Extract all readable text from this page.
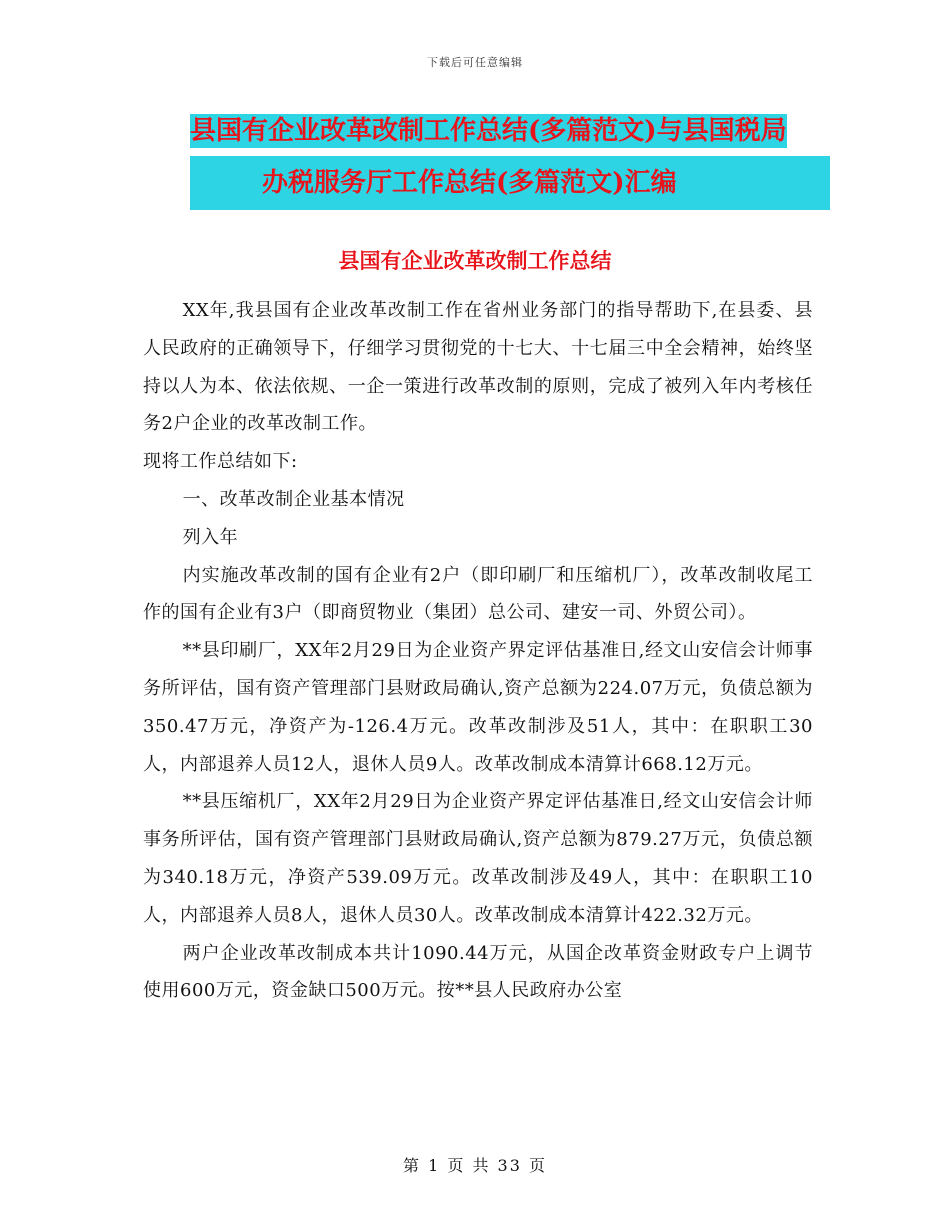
下载后可任意编辑
县国有企业改革改制工作总结(多篇范文)与县国税局
办税服务厅工作总结(多篇范文)汇编
县国有企业改革改制工作总结

XX年,我县国有企业改革改制工作在省州业务部门的指导帮助下,在县委、县人民政府的正确领导下，仔细学习贯彻党的十七大、十七届三中全会精神，始终坚持以人为本、依法依规、一企一策进行改革改制的原则，完成了被列入年内考核任务2户企业的改革改制工作。

现将工作总结如下:

一、改革改制企业基本情况

列入年

内实施改革改制的国有企业有2户（即印刷厂和压缩机厂），改革改制收尾工作的国有企业有3户（即商贸物业（集团）总公司、建安一司、外贸公司）。

**县印刷厂，XX年2月29日为企业资产界定评估基准日,经文山安信会计师事务所评估，国有资产管理部门县财政局确认,资产总额为224.07万元，负债总额为350.47万元，净资产为-126.4万元。改革改制涉及51人，其中：在职职工30人，内部退养人员12人，退休人员9人。改革改制成本清算计668.12万元。

**县压缩机厂，XX年2月29日为企业资产界定评估基准日,经文山安信会计师事务所评估，国有资产管理部门县财政局确认,资产总额为879.27万元，负债总额为340.18万元，净资产539.09万元。改革改制涉及49人，其中：在职职工10人，内部退养人员8人，退休人员30人。改革改制成本清算计422.32万元。

两户企业改革改制成本共计1090.44万元，从国企改革资金财政专户上调节使用600万元，资金缺口500万元。按**县人民政府办公室

第 1 页 共 33 页
